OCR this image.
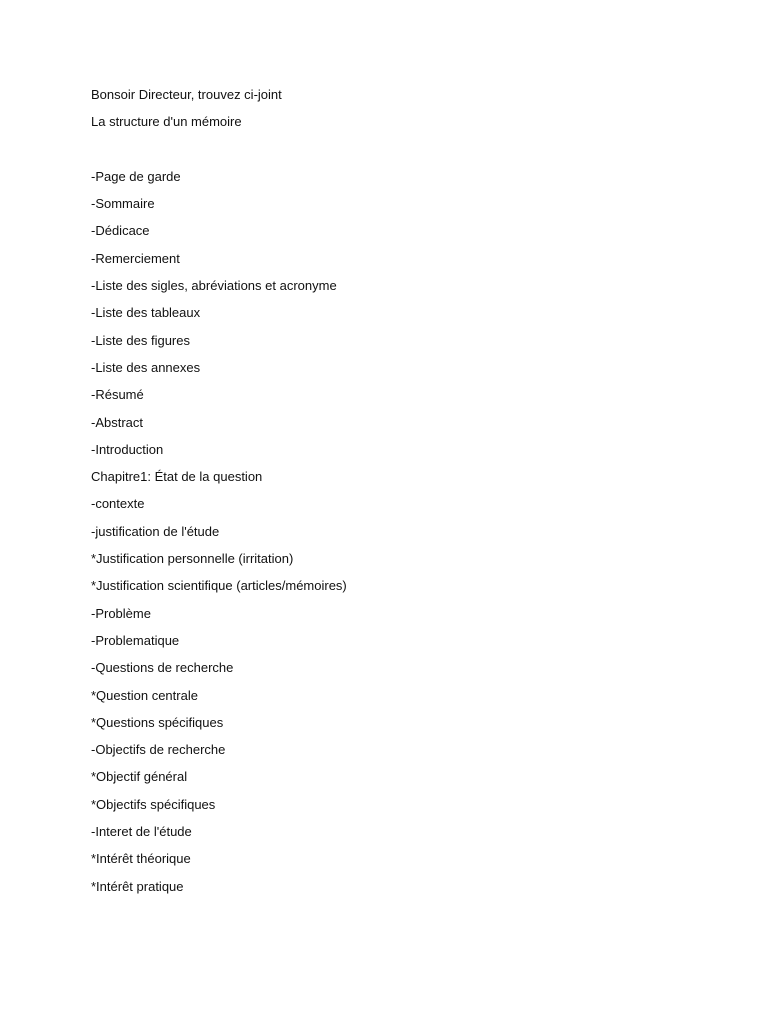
Bonsoir Directeur, trouvez ci-joint
La structure d'un mémoire
-Page de garde
-Sommaire
-Dédicace
-Remerciement
-Liste des sigles, abréviations et acronyme
-Liste des tableaux
-Liste des figures
-Liste des annexes
-Résumé
-Abstract
-Introduction
Chapitre1: État de la question
-contexte
-justification de l'étude
*Justification personnelle (irritation)
*Justification scientifique (articles/mémoires)
-Problème
-Problematique
-Questions de recherche
*Question centrale
*Questions spécifiques
-Objectifs de recherche
*Objectif général
*Objectifs spécifiques
-Interet de l'étude
*Intérêt théorique
*Intérêt pratique
